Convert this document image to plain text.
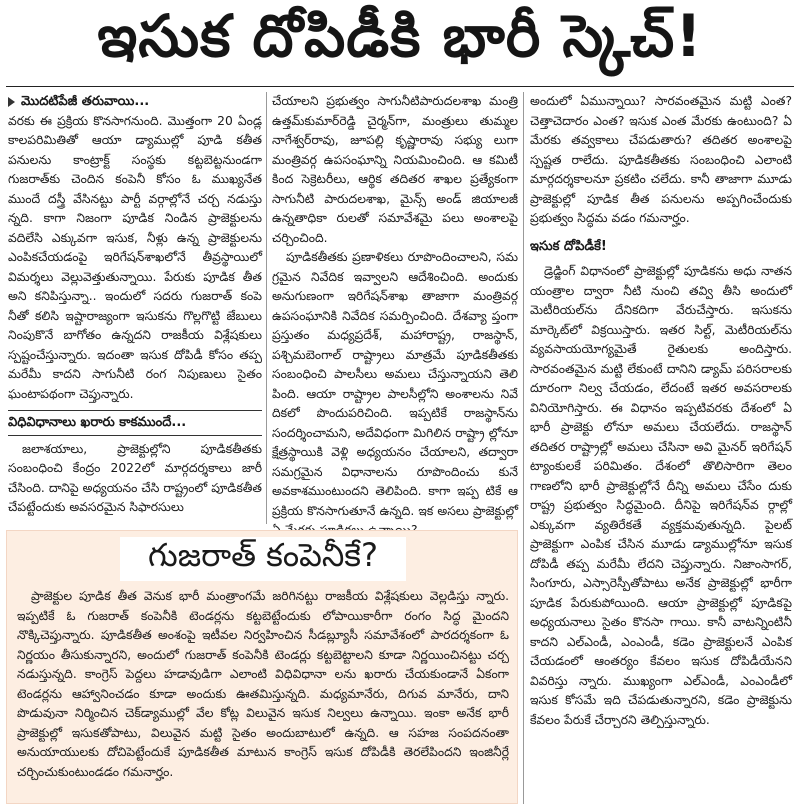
ఇసుక దోపిడీకి భారీ స్కెచ్!
మొదటిపేజీ తరువాయి...

వరకు ఈ ప్రక్రియ కొనసాగనుంది. మొత్తంగా 20 ఏండ్ల కాలపరిమితితో ఆయా డ్యాముల్లో పూడి కతీత పనులను కాంట్రాక్ట్ సంస్థకు కట్టబెట్టనుండగా గుజరాత్‌కు చెందిన కంపెనీ కోసం ఓ ముఖ్యనేత ముందే దస్త్రీ వేసినట్టు పార్టీ వర్గాల్లోనే చర్చ నడుస్తు న్నది. కాగా నిజంగా పూడిక నిండిన ప్రాజెక్టులను వదిలేసి ఎక్కువగా ఇసుక, నీళ్లు ఉన్న ప్రాజెక్టులను ఎంపికచేయడంపై ఇరిగేషన్‌శాఖలోనే తీవ్రస్థాయిలో విమర్శలు వెల్లువెత్తుతున్నాయి. పేరుకు పూడిక తీత అని కనిపిస్తున్నా.. ఇందులో సదరు గుజరాత్ కంపె నీతో కలిసి ఇష్టారాజ్యంగా ఇసుకను గొల్లగొట్టి జేబులు నింపుకొనే బాగోతం ఉన్నదని రాజకీయ విశ్లేషకులు స్పష్టంచేస్తున్నారు. ఇదంతా ఇసుక దోపిడీ కోసం తప్ప మరేమీ కాదని సాగునీటి రంగ నిపుణులు సైతం ఘంటాపథంగా చెప్తున్నారు.

విధివిధానాలు ఖరారు కాకముందే...

జలాశయాలు, ప్రాజెక్టుల్లోని పూడికతీతకు సంబంధించి కేంద్రం 2022లో మార్గదర్శకాలు జారీ చేసింది. దానిపై అధ్యయనం చేసి రాష్ట్రంలో పూడికతీత చేపట్టేందుకు అవసరమైన సిఫారసులు

చేయాలని ప్రభుత్వం సాగునీటిపారుదలశాఖ మంత్రి ఉత్తమ్‌కుమార్‌రెడ్డి చైర్మన్‌గా, మంత్రులు తుమ్మల నాగేశ్వర్‌రావు, జూపల్లి కృష్ణారావు సభ్యు లుగా మంత్రివర్గ ఉపసంఘాన్ని నియమించింది. ఆ కమిటీ కింద సెక్రెటరీలు, ఆర్థిక తదితర శాఖల ప్రత్యేకంగా సాగునీటి పారుదలశాఖ, మైన్స్ అండ్ జియాలజీ ఉన్నతాధికా రులతో సమావేశమై పలు అంశాలపై చర్చించింది.

పూడికతీతకు ప్రణాళికలు రూపొందించాలని, సమ గ్రమైన నివేదిక ఇవ్వాలని ఆదేశించింది. అందుకు అనుగుణంగా ఇరిగేషన్‌శాఖ తాజాగా మంత్రివర్గ ఉపసంఘానికి నివేదిక సమర్పించింది. దేశవ్యా ప్తంగా ప్రస్తుతం మధ్యప్రదేశ్, మహారాష్ట్ర, రాజస్థాన్, పశ్చిమబెంగాల్ రాష్ట్రాలు మాత్రమే పూడికతీతకు సంబంధించి పాలసీలు అమలు చేస్తున్నాయని తెలి పింది. ఆయా రాష్ట్రాల పాలసీల్లోని అంశాలను నివే దికలో పొందుపరిచింది. ఇప్పటికే రాజస్థాన్‌ను సందర్శించామని, అదేవిధంగా మిగిలిన రాష్ట్రా ల్లోనూ క్షేత్రస్థాయికి వెళ్లి అధ్యయనం చేయాలని, తద్వారా సమగ్రమైన విధానాలను రూపొందించు కునే అవకాశముంటుందని తెలిపింది. కాగా ఇప్ప టికే ఆ ప్రక్రియ కొనసాగుతూనే ఉన్నది. ఇక అసలు ప్రాజెక్టుల్లో

అందులో ఏమున్నాయి? సారవంతమైన మట్టి ఎంత? చెత్తాచెదారం ఎంత? ఇసుక ఎంత మేరకు ఉంటుంది? ఏ మేరకు తవ్వకాలు చేపడుతారు? తదితర అంశాలపై స్పష్టత రాలేదు. పూడికతీతకు సంబంధించి ఎలాంటి మార్గదర్శకాలనూ ప్రకటిం చలేదు. కానీ తాజాగా మూడు ప్రాజెక్టుల్లో పూడిక తీత పనులను అప్పగించేందుకు ప్రభుత్వం సిద్ధమ వడం గమనార్హం.

ఇసుక దోపిడీకే!

డ్రెడ్జింగ్ విధానంలో ప్రాజెక్టుల్లో పూడికను అధు నాతన యంత్రాల ద్వారా నీటి నుంచి తవ్వి తీసి అందులో మెటీరియల్‌ను దేనికదిగా వేరుచేస్తారు. ఇసుకను మార్కెట్‌లో విక్రయిస్తారు. ఇతర సిల్ట్, మెటీరియల్‌ను వ్యవసాయయోగ్యమైతే రైతులకు అందిస్తారు. సారవంతమైన మట్టి లేకుంటే దానిని డ్యామ్ పరిసరాలకు దూరంగా నిల్వ చేయడం, లేదంటే ఇతర అవసరాలకు వినియోగిస్తారు. ఈ విధానం ఇప్పటివరకు దేశంలో ఏ భారీ ప్రాజెక్టు లోనూ అమలు చేయలేదు. రాజస్థాన్ తదితర రాష్ట్రాల్లో అమలు చేసినా అవి మైనర్ ఇరిగేషన్ ట్యాంకులకే పరిమితం. దేశంలో తొలిసారిగా తెలం గాణలోని భారీ ప్రాజెక్టుల్లోనే దీన్ని అమలు చేసేం దుకు రాష్ట్ర ప్రభుత్వం సిద్ధమైంది. దీనిపై ఇరిగేషన్‌వ ర్గాల్లో ఎక్కువగా వ్యతిరేకతే వ్యక్తమవుతున్నది. పైలట్ ప్రాజెక్టుగా ఎంపిక చేసిన మూడు డ్యాముల్లోనూ ఇసుక దోపిడీ తప్ప మరేమీ లేదని చెప్తున్నారు. నిజాంసాగర్, సింగూరు, ఎస్సారెస్పీతోపాటు అనేక ప్రాజెక్టుల్లో భారీగా పూడిక పేరుకుపోయింది. ఆయా ప్రాజెక్టుల్లో పూడికపై అధ్యయనాలు సైతం కొనసా గాయి. కానీ వాటన్నింటినీ కాదని ఎల్‌ఎండీ, ఎంఎండీ, కడెం ప్రాజెక్టులనే ఎంపిక చేయడంలో ఆంతర్యం కేవలం ఇసుక దోపిడీయేనని వివరిస్తు న్నారు. ముఖ్యంగా ఎల్‌ఎండీ, ఎంఎండీలో ఇసుక కోసమే ఇది చేపడుతున్నారని, కడెం ప్రాజెక్టును కేవలం పేరుకే చేర్చారని తెల్పిస్తున్నారు.

గుజరాత్ కంపెనీకే?

ప్రాజెక్టుల పూడిక తీత వెనుక భారీ మంత్రాంగమే జరిగినట్టు రాజకీయ విశ్లేషకులు వెల్లడిస్తు న్నారు. ఇప్పటికే ఓ గుజరాత్ కంపెనీకి టెండర్లను కట్టబెట్టేందుకు లోపాయికారీగా రంగం సిద్ధ మైందని నొక్కిచెప్తున్నారు. పూడికతీత అంశంపై ఇటీవల నిర్వహించిన సీడబ్ల్యూసీ సమావేశంలో పారదర్శకంగా ఓ నిర్ణయం తీసుకున్నారని, అందులో గుజరాత్ కంపెనీకి టెండర్లు కట్టబెట్టాలని కూడా నిర్ణయించినట్టు చర్చ నడుస్తున్నది. కాంగ్రెస్ పెద్దలు హడావుడిగా ఎలాంటి విధివిధానా లను ఖరారు చేయకుండానే ఏకంగా టెండర్లను ఆహ్వానించడం కూడా అందుకు ఊతమిస్తున్నది. మధ్యమానేరు, దిగువ మానేరు, దాని పొడువునా నిర్మించిన చెక్‌డ్యాముల్లో వేల కోట్ల విలువైన ఇసుక నిల్వలు ఉన్నాయి. ఇంకా అనేక భారీ ప్రాజెక్టుల్లో ఇసుకతోపాటు, విలువైన మట్టి సైతం అందుబాటులో ఉన్నది. ఆ సహజ సంపదనంతా అనుయాయులకు దోచిపెట్టేందుకే పూడికతీత మాటున కాంగ్రెస్ ఇసుక దోపిడీకి తెరలేపిందని ఇంజినీర్లే చర్చించుకుంటుండడం గమనార్హం.
